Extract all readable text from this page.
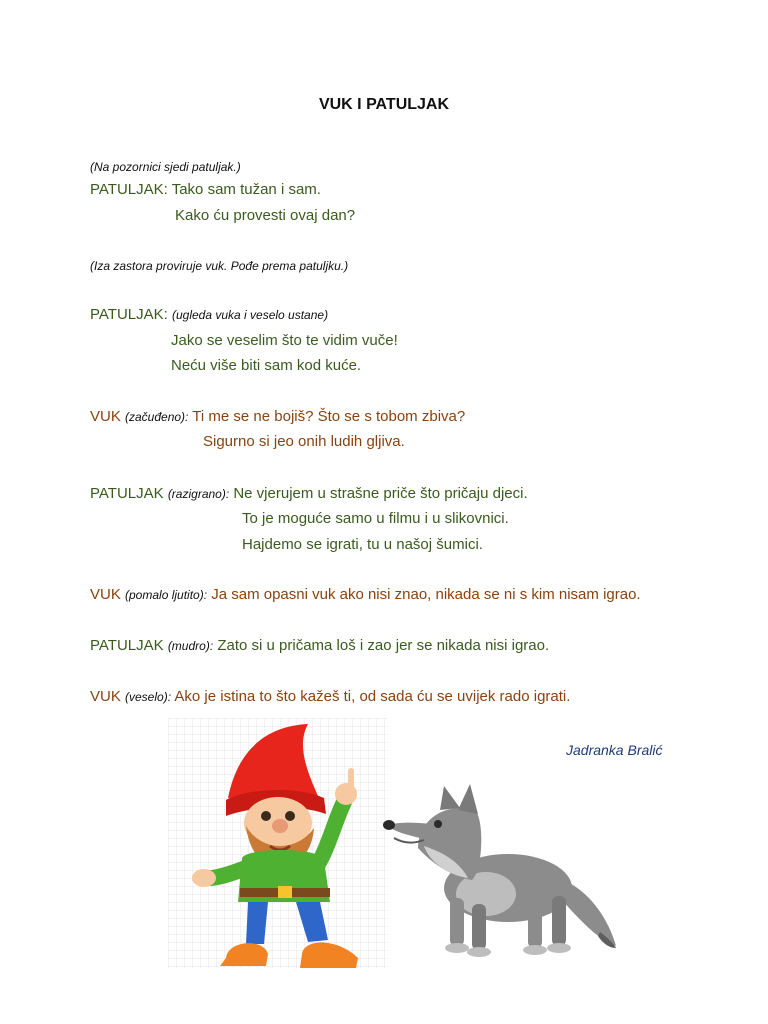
VUK I PATULJAK
(Na pozornici sjedi patuljak.)
PATULJAK: Tako sam tužan i sam.
Kako ću provesti ovaj dan?
(Iza zastora proviruje vuk. Pođe prema patuljku.)
PATULJAK: (ugleda vuka i veselo ustane)
Jako se veselim što te vidim vuče!
Neću više biti sam kod kuće.
VUK (začuđeno): Ti me se ne bojiš? Što se s tobom zbiva?
Sigurno si jeo onih ludih gljiva.
PATULJAK (razigrano): Ne vjerujem u strašne priče što pričaju djeci.
To je moguće samo u filmu i u slikovnici.
Hajdemo se igrati, tu u našoj šumici.
VUK (pomalo ljutito): Ja sam opasni vuk ako nisi znao, nikada se ni s kim nisam igrao.
PATULJAK (mudro): Zato si u pričama loš i zao jer se nikada nisi igrao.
VUK (veselo): Ako je istina to što kažeš ti, od sada ću se uvijek rado igrati.
Jadranka Bralić
